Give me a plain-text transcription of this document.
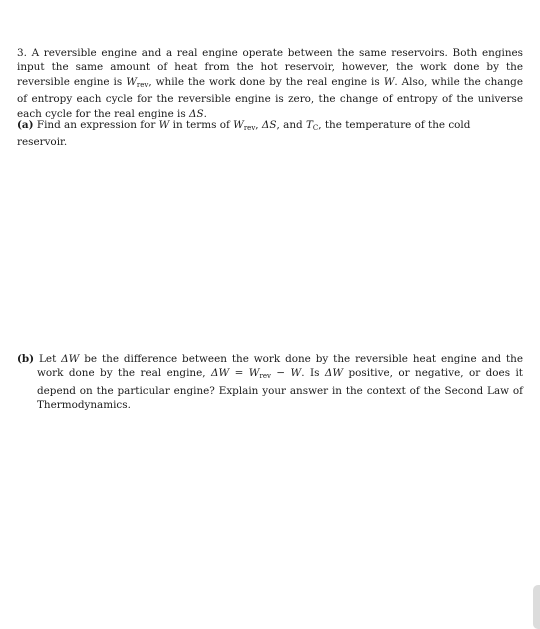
3. A reversible engine and a real engine operate between the same reservoirs. Both engines input the same amount of heat from the hot reservoir, however, the work done by the reversible engine is $W_{rev}$, while the work done by the real engine is W. Also, while the change of entropy each cycle for the reversible engine is zero, the change of entropy of the universe each cycle for the real engine is ΔS.
(a) Find an expression for W in terms of $W_{rev}$, ΔS, and $T_C$, the temperature of the cold reservoir.
(b) Let ΔW be the difference between the work done by the reversible heat engine and the work done by the real engine, $\Delta W = W_{rev} - W$. Is ΔW positive, or negative, or does it depend on the particular engine? Explain your answer in the context of the Second Law of Thermodynamics.
